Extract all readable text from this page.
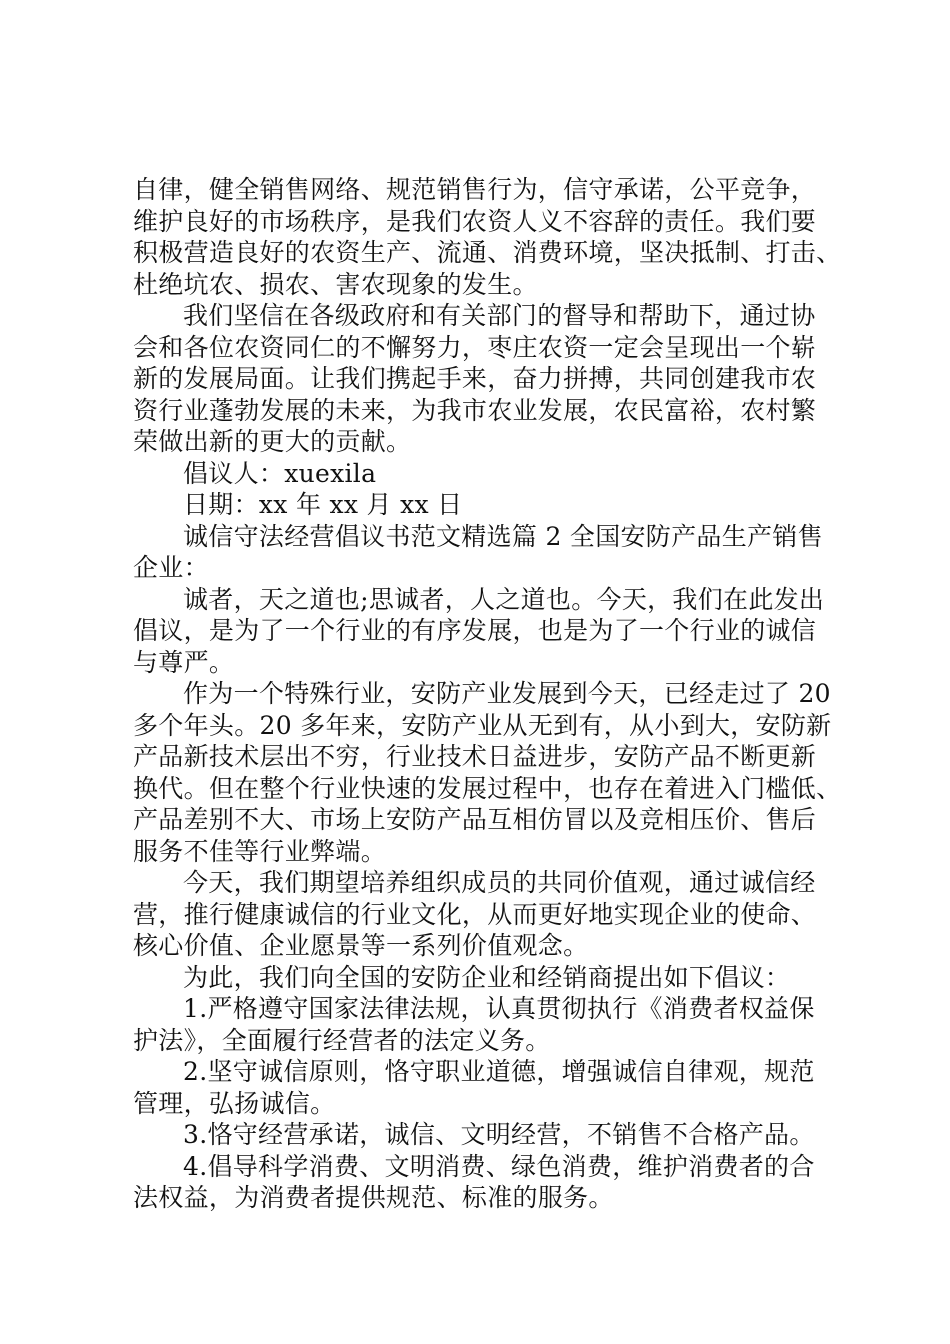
自律，健全销售网络、规范销售行为，信守承诺，公平竞争，
维护良好的市场秩序，是我们农资人义不容辞的责任。我们要
积极营造良好的农资生产、流通、消费环境，坚决抵制、打击、
杜绝坑农、损农、害农现象的发生。
我们坚信在各级政府和有关部门的督导和帮助下，通过协
会和各位农资同仁的不懈努力，枣庄农资一定会呈现出一个崭
新的发展局面。让我们携起手来，奋力拼搏，共同创建我市农
资行业蓬勃发展的未来，为我市农业发展，农民富裕，农村繁
荣做出新的更大的贡献。
倡议人：xuexila
日期：xx 年 xx 月 xx 日
诚信守法经营倡议书范文精选篇 2 全国安防产品生产销售
企业：
诚者，天之道也;思诚者，人之道也。今天，我们在此发出
倡议，是为了一个行业的有序发展，也是为了一个行业的诚信
与尊严。
作为一个特殊行业，安防产业发展到今天，已经走过了 20
多个年头。20 多年来，安防产业从无到有，从小到大，安防新
产品新技术层出不穷，行业技术日益进步，安防产品不断更新
换代。但在整个行业快速的发展过程中，也存在着进入门槛低、
产品差别不大、市场上安防产品互相仿冒以及竞相压价、售后
服务不佳等行业弊端。
今天，我们期望培养组织成员的共同价值观，通过诚信经
营，推行健康诚信的行业文化，从而更好地实现企业的使命、
核心价值、企业愿景等一系列价值观念。
为此，我们向全国的安防企业和经销商提出如下倡议：
1.严格遵守国家法律法规，认真贯彻执行《消费者权益保
护法》，全面履行经营者的法定义务。
2.坚守诚信原则，恪守职业道德，增强诚信自律观，规范
管理，弘扬诚信。
3.恪守经营承诺，诚信、文明经营，不销售不合格产品。
4.倡导科学消费、文明消费、绿色消费，维护消费者的合
法权益，为消费者提供规范、标准的服务。
